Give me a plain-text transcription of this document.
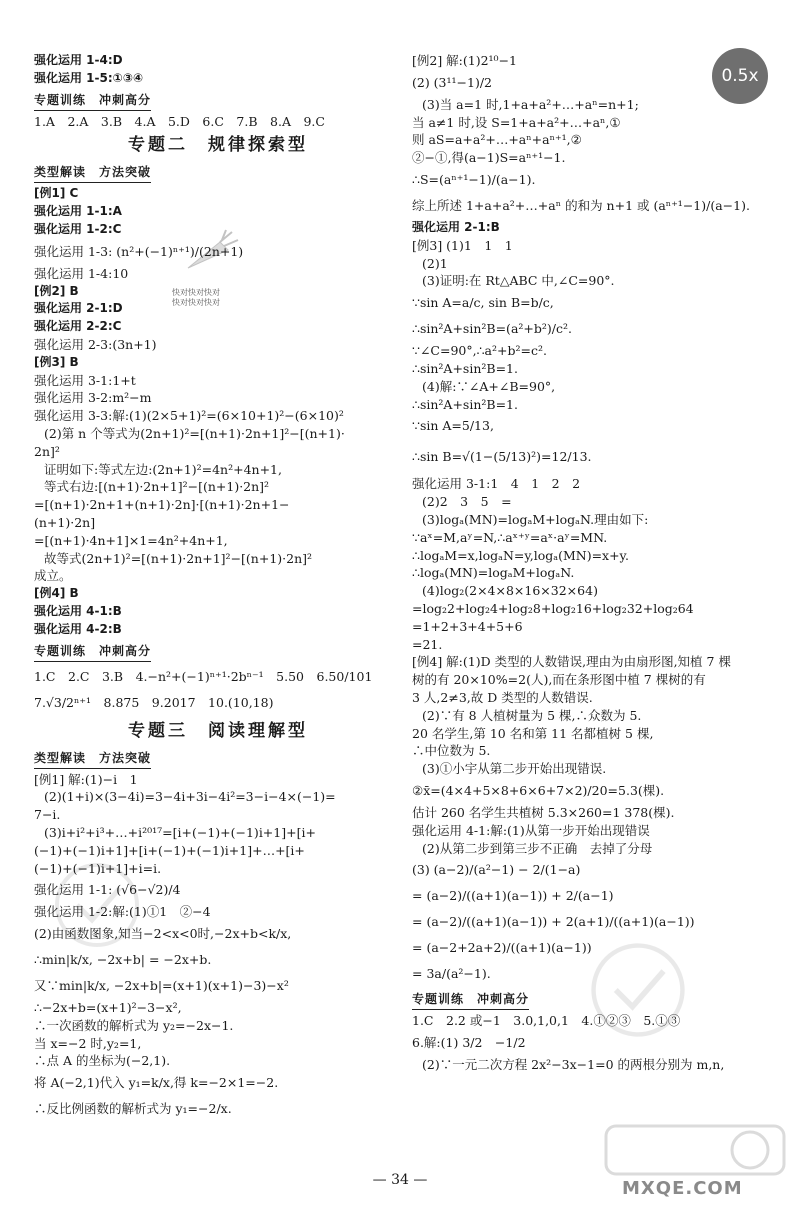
0.5x
快对快对快对
快对快对快对
强化运用 1-4:D
强化运用 1-5:①③④
专题训练　冲刺高分
1.A　2.A　3.B　4.A　5.D　6.C　7.B　8.A　9.C
专题二　规律探索型
类型解读　方法突破
[例1] C
强化运用 1-1:A
强化运用 1-2:C
强化运用 1-3: (n²+(−1)ⁿ⁺¹)/(2n+1)
强化运用 1-4:10
[例2] B
强化运用 2-1:D
强化运用 2-2:C
强化运用 2-3:(3n+1)
[例3] B
强化运用 3-1:1+t
强化运用 3-2:m²−m
强化运用 3-3:解:(1)(2×5+1)²=(6×10+1)²−(6×10)²
(2)第 n 个等式为(2n+1)²=[(n+1)·2n+1]²−[(n+1)·
2n]²
证明如下:等式左边:(2n+1)²=4n²+4n+1,
等式右边:[(n+1)·2n+1]²−[(n+1)·2n]²
=[(n+1)·2n+1+(n+1)·2n]·[(n+1)·2n+1−
(n+1)·2n]
=[(n+1)·4n+1]×1=4n²+4n+1,
故等式(2n+1)²=[(n+1)·2n+1]²−[(n+1)·2n]²
成立。
[例4] B
强化运用 4-1:B
强化运用 4-2:B
专题训练　冲刺高分
1.C　2.C　3.B　4.−n²+(−1)ⁿ⁺¹·2bⁿ⁻¹　5.50　6.50/101
7.√3/2ⁿ⁺¹　8.875　9.2017　10.(10,18)
专题三　阅读理解型
类型解读　方法突破
[例1] 解:(1)−i　1
(2)(1+i)×(3−4i)=3−4i+3i−4i²=3−i−4×(−1)=
7−i.
(3)i+i²+i³+…+i²⁰¹⁷=[i+(−1)+(−1)i+1]+[i+
(−1)+(−1)i+1]+[i+(−1)+(−1)i+1]+…+[i+
(−1)+(−1)i+1]+i=i.
强化运用 1-1: (√6−√2)/4
强化运用 1-2:解:(1)①1　②−4
(2)由函数图象,知当−2<x<0时,−2x+b<k/x,
∴min|k/x, −2x+b| = −2x+b.
又∵min|k/x, −2x+b|=(x+1)(x+1)−3)−x²
∴−2x+b=(x+1)²−3−x²,
∴一次函数的解析式为 y₂=−2x−1.
当 x=−2 时,y₂=1,
∴点 A 的坐标为(−2,1).
将 A(−2,1)代入 y₁=k/x,得 k=−2×1=−2.
∴反比例函数的解析式为 y₁=−2/x.
[例2] 解:(1)2¹⁰−1
(2) (3¹¹−1)/2
(3)当 a=1 时,1+a+a²+…+aⁿ=n+1;
当 a≠1 时,设 S=1+a+a²+…+aⁿ,①
则 aS=a+a²+…+aⁿ+aⁿ⁺¹,②
②−①,得(a−1)S=aⁿ⁺¹−1.
∴S=(aⁿ⁺¹−1)/(a−1).
综上所述 1+a+a²+…+aⁿ 的和为 n+1 或 (aⁿ⁺¹−1)/(a−1).
强化运用 2-1:B
[例3] (1)1　1　1
(2)1
(3)证明:在 Rt△ABC 中,∠C=90°.
∵sin A=a/c, sin B=b/c,
∴sin²A+sin²B=(a²+b²)/c².
∵∠C=90°,∴a²+b²=c².
∴sin²A+sin²B=1.
(4)解:∵∠A+∠B=90°,
∴sin²A+sin²B=1.
∵sin A=5/13,
∴sin B=√(1−(5/13)²)=12/13.
强化运用 3-1:1　4　1　2　2
(2)2　3　5　=
(3)logₐ(MN)=logₐM+logₐN.理由如下:
∵aˣ=M,aʸ=N,∴aˣ⁺ʸ=aˣ·aʸ=MN.
∴logₐM=x,logₐN=y,logₐ(MN)=x+y.
∴logₐ(MN)=logₐM+logₐN.
(4)log₂(2×4×8×16×32×64)
=log₂2+log₂4+log₂8+log₂16+log₂32+log₂64
=1+2+3+4+5+6
=21.
[例4] 解:(1)D 类型的人数错误,理由为由扇形图,知植 7 棵
树的有 20×10%=2(人),而在条形图中植 7 棵树的有
3 人,2≠3,故 D 类型的人数错误.
(2)∵有 8 人植树量为 5 棵,∴众数为 5.
20 名学生,第 10 名和第 11 名都植树 5 棵,
∴中位数为 5.
(3)①小宇从第二步开始出现错误.
②x̄=(4×4+5×8+6×6+7×2)/20=5.3(棵).
估计 260 名学生共植树 5.3×260=1 378(棵).
强化运用 4-1:解:(1)从第一步开始出现错误
(2)从第二步到第三步不正确　去掉了分母
(3) (a−2)/(a²−1) − 2/(1−a)
= (a−2)/((a+1)(a−1)) + 2/(a−1)
= (a−2)/((a+1)(a−1)) + 2(a+1)/((a+1)(a−1))
= (a−2+2a+2)/((a+1)(a−1))
= 3a/(a²−1).
专题训练　冲刺高分
1.C　2.2 或−1　3.0,1,0,1　4.①②③　5.①③
6.解:(1) 3/2　−1/2
(2)∵一元二次方程 2x²−3x−1=0 的两根分别为 m,n,
— 34 —	MXQE.COM
